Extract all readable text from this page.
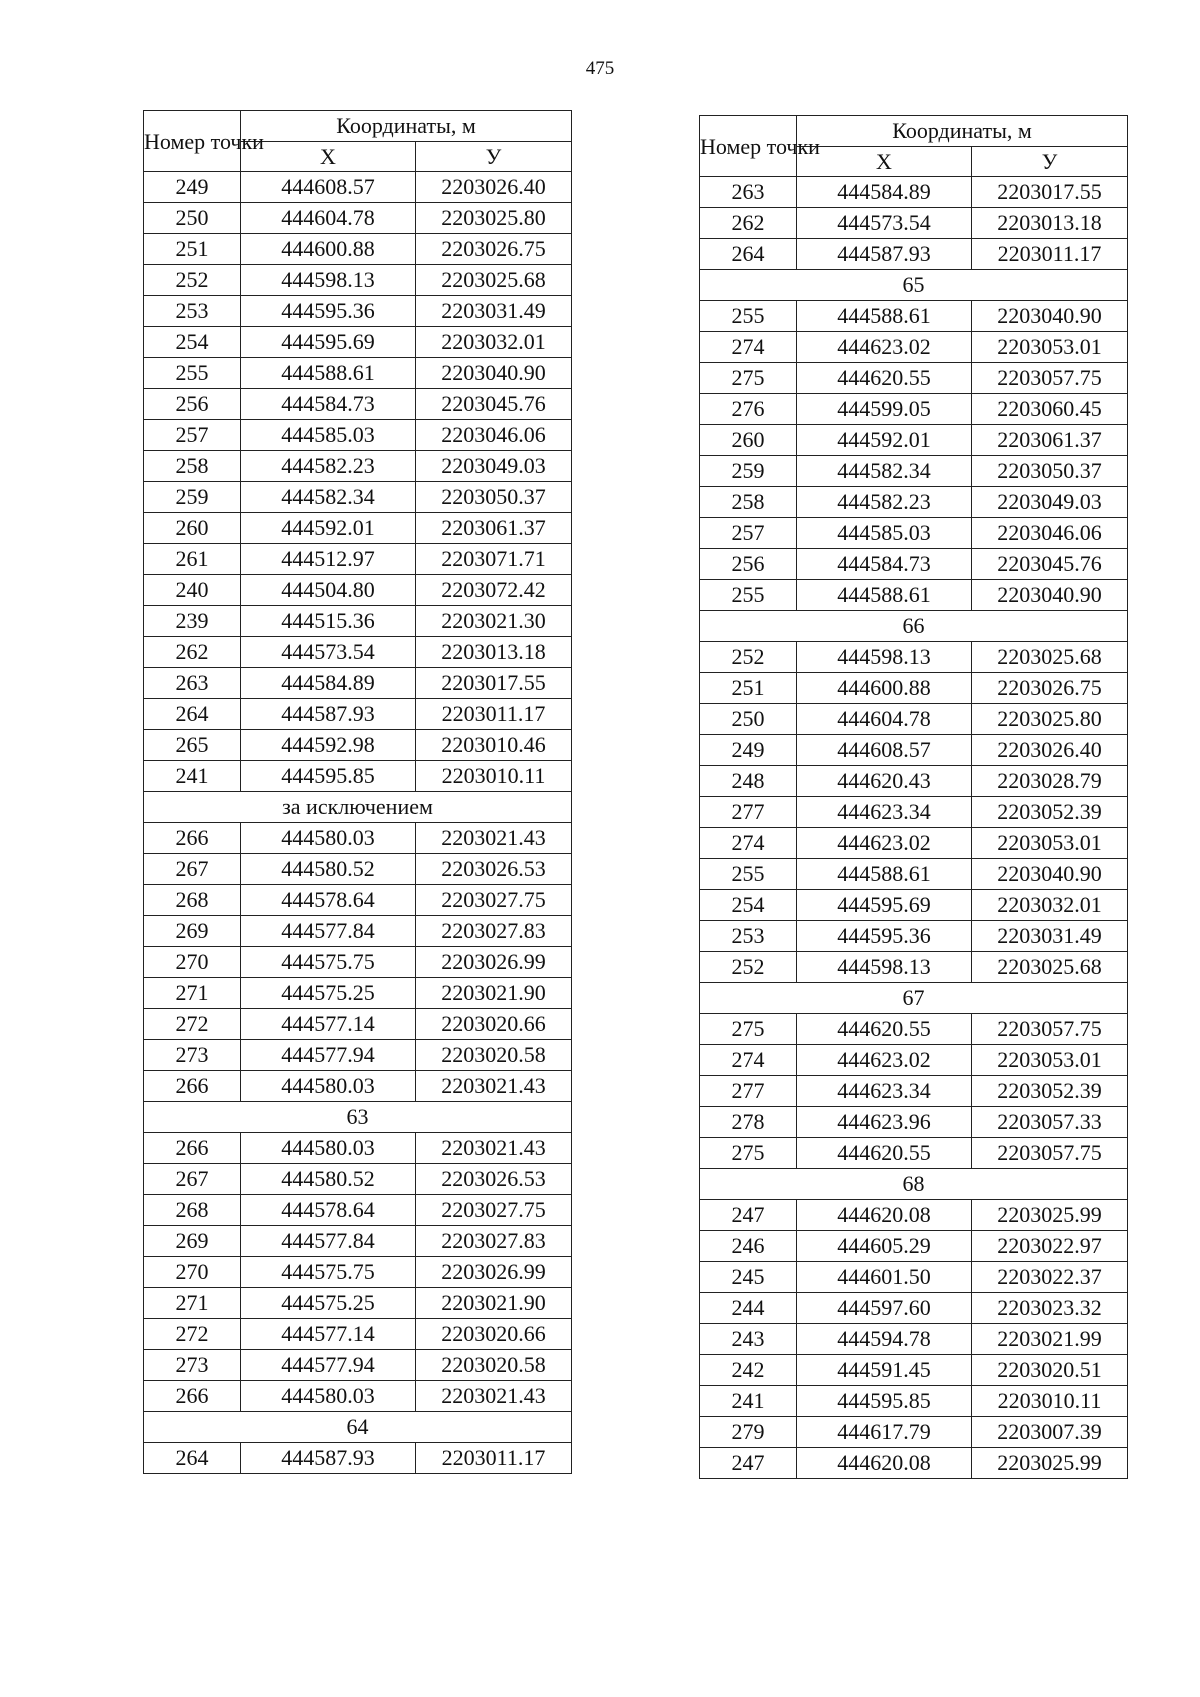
475
Номер точки	Координаты, м	
	Х	У
249	444608.57	2203026.40
250	444604.78	2203025.80
251	444600.88	2203026.75
252	444598.13	2203025.68
253	444595.36	2203031.49
254	444595.69	2203032.01
255	444588.61	2203040.90
256	444584.73	2203045.76
257	444585.03	2203046.06
258	444582.23	2203049.03
259	444582.34	2203050.37
260	444592.01	2203061.37
261	444512.97	2203071.71
240	444504.80	2203072.42
239	444515.36	2203021.30
262	444573.54	2203013.18
263	444584.89	2203017.55
264	444587.93	2203011.17
265	444592.98	2203010.46
241	444595.85	2203010.11
за исключением		
266	444580.03	2203021.43
267	444580.52	2203026.53
268	444578.64	2203027.75
269	444577.84	2203027.83
270	444575.75	2203026.99
271	444575.25	2203021.90
272	444577.14	2203020.66
273	444577.94	2203020.58
266	444580.03	2203021.43
63		
266	444580.03	2203021.43
267	444580.52	2203026.53
268	444578.64	2203027.75
269	444577.84	2203027.83
270	444575.75	2203026.99
271	444575.25	2203021.90
272	444577.14	2203020.66
273	444577.94	2203020.58
266	444580.03	2203021.43
64		
264	444587.93	2203011.17
Номер точки	Координаты, м	
	Х	У
263	444584.89	2203017.55
262	444573.54	2203013.18
264	444587.93	2203011.17
65		
255	444588.61	2203040.90
274	444623.02	2203053.01
275	444620.55	2203057.75
276	444599.05	2203060.45
260	444592.01	2203061.37
259	444582.34	2203050.37
258	444582.23	2203049.03
257	444585.03	2203046.06
256	444584.73	2203045.76
255	444588.61	2203040.90
66		
252	444598.13	2203025.68
251	444600.88	2203026.75
250	444604.78	2203025.80
249	444608.57	2203026.40
248	444620.43	2203028.79
277	444623.34	2203052.39
274	444623.02	2203053.01
255	444588.61	2203040.90
254	444595.69	2203032.01
253	444595.36	2203031.49
252	444598.13	2203025.68
67		
275	444620.55	2203057.75
274	444623.02	2203053.01
277	444623.34	2203052.39
278	444623.96	2203057.33
275	444620.55	2203057.75
68		
247	444620.08	2203025.99
246	444605.29	2203022.97
245	444601.50	2203022.37
244	444597.60	2203023.32
243	444594.78	2203021.99
242	444591.45	2203020.51
241	444595.85	2203010.11
279	444617.79	2203007.39
247	444620.08	2203025.99
